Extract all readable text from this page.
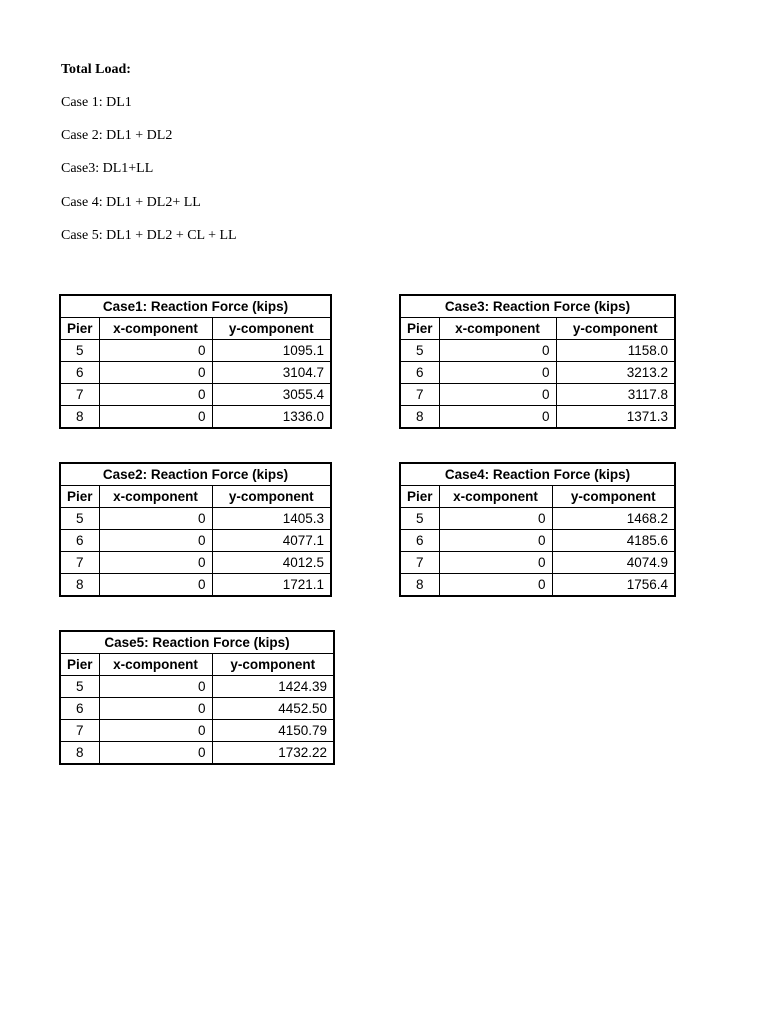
Total Load:
Case 1: DL1
Case 2: DL1 + DL2
Case3: DL1+LL
Case 4: DL1 + DL2+ LL
Case 5: DL1 + DL2 + CL + LL
Case1: Reaction Force (kips)		
Pier	x-component	y-component
5	0	1095.1
6	0	3104.7
7	0	3055.4
8	0	1336.0
Case3: Reaction Force (kips)		
Pier	x-component	y-component
5	0	1158.0
6	0	3213.2
7	0	3117.8
8	0	1371.3
Case2: Reaction Force (kips)		
Pier	x-component	y-component
5	0	1405.3
6	0	4077.1
7	0	4012.5
8	0	1721.1
Case4: Reaction Force (kips)		
Pier	x-component	y-component
5	0	1468.2
6	0	4185.6
7	0	4074.9
8	0	1756.4
Case5: Reaction Force (kips)		
Pier	x-component	y-component
5	0	1424.39
6	0	4452.50
7	0	4150.79
8	0	1732.22
